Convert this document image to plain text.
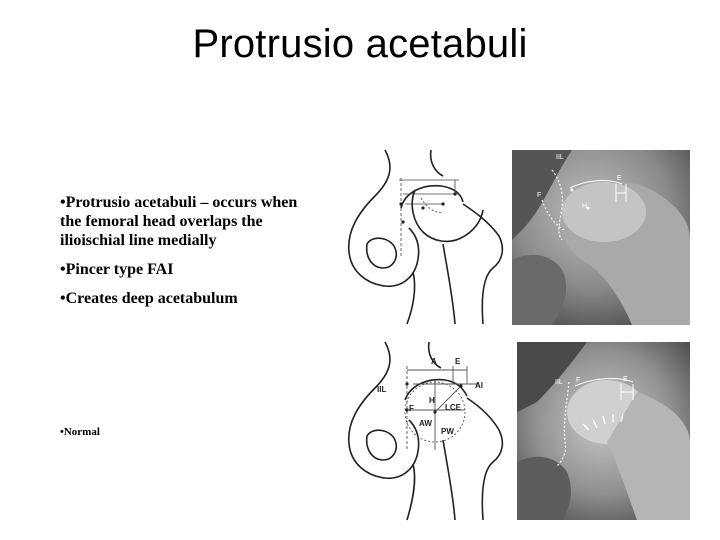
Protrusio acetabuli
•Protrusio acetabuli – occurs when the femoral head overlaps the ilioischial line medially
•Pincer type FAI
•Creates deep acetabulum
•Normal
IIL
E
F
H
A E
AI
IIL
F
H
LCE
AW
PW
IIL F	E
